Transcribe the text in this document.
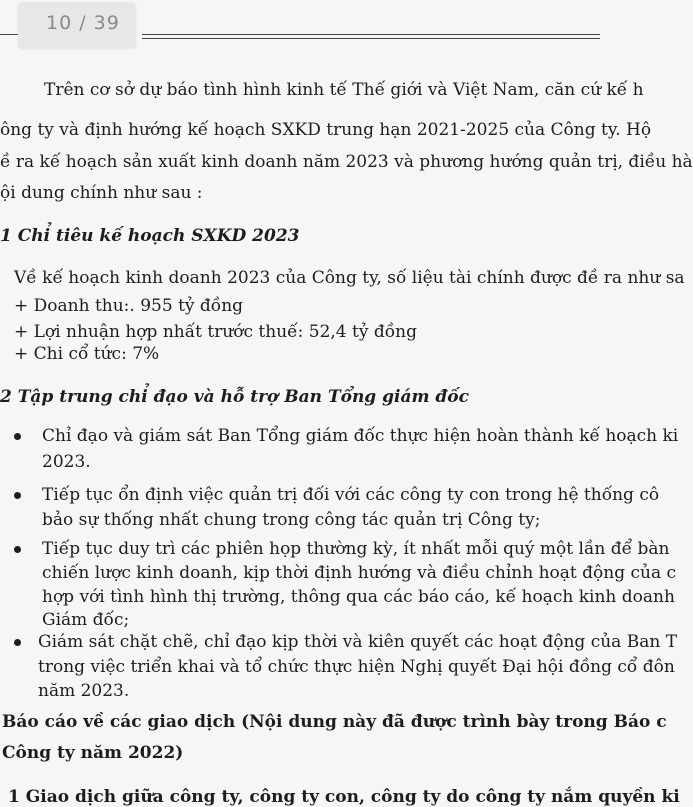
10 / 39
Trên cơ sở dự báo tình hình kinh tế Thế giới và Việt Nam, căn cứ kế h
ông ty và định hướng kế hoạch SXKD trung hạn 2021-2025 của Công ty. Hộ
ề ra kế hoạch sản xuất kinh doanh năm 2023 và phương hướng quản trị, điều hà
ội dung chính như sau :
1 Chỉ tiêu kế hoạch SXKD 2023
Về kế hoạch kinh doanh 2023 của Công ty, số liệu tài chính được đề ra như sa
+ Doanh thu:. 955 tỷ đồng
+ Lợi nhuận hợp nhất trước thuế: 52,4 tỷ đồng
+ Chi cổ tức: 7%
2 Tập trung chỉ đạo và hỗ trợ Ban Tổng giám đốc
Chỉ đạo và giám sát Ban Tổng giám đốc thực hiện hoàn thành kế hoạch ki
2023.
Tiếp tục ổn định việc quản trị đối với các công ty con trong hệ thống cô
bảo sự thống nhất chung trong công tác quản trị Công ty;
Tiếp tục duy trì các phiên họp thường kỳ, ít nhất mỗi quý một lần để bàn
chiến lược kinh doanh, kịp thời định hướng và điều chỉnh hoạt động của c
hợp với tình hình thị trường, thông qua các báo cáo, kế hoạch kinh doanh
Giám đốc;
Giám sát chặt chẽ, chỉ đạo kịp thời và kiên quyết các hoạt động của Ban T
trong việc triển khai và tổ chức thực hiện Nghị quyết Đại hội đồng cổ đôn
năm 2023.
Báo cáo về các giao dịch (Nội dung này đã được trình bày trong Báo c
Công ty năm 2022)
1 Giao dịch giữa công ty, công ty con, công ty do công ty nắm quyền ki
